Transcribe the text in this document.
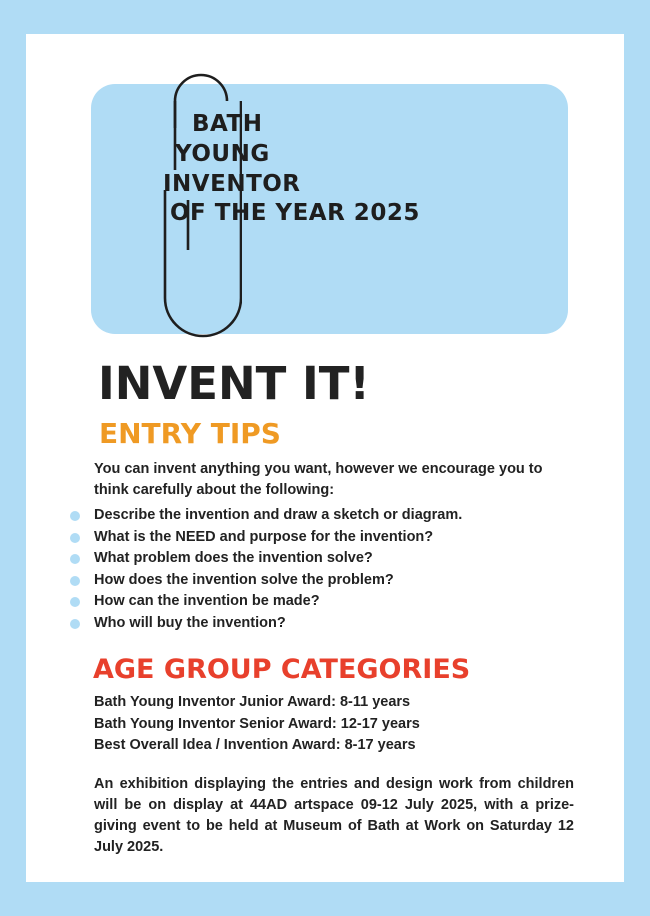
BATH
YOUNG
INVENTOR
OF THE YEAR 2025
INVENT IT!
ENTRY TIPS

You can invent anything you want, however we encourage you to think carefully about the following:

Describe the invention and draw a sketch or diagram.
What is the NEED and purpose for the invention?
What problem does the invention solve?
How does the invention solve the problem?
How can the invention be made?
Who will buy the invention?
AGE GROUP CATEGORIES
Bath Young Inventor Junior Award: 8-11 years
Bath Young Inventor Senior Award: 12-17 years
Best Overall Idea / Invention Award: 8-17 years

An exhibition displaying the entries and design work from children will be on display at 44AD artspace 09-12 July 2025, with a prize-giving event to be held at Museum of Bath at Work on Saturday 12 July 2025.
